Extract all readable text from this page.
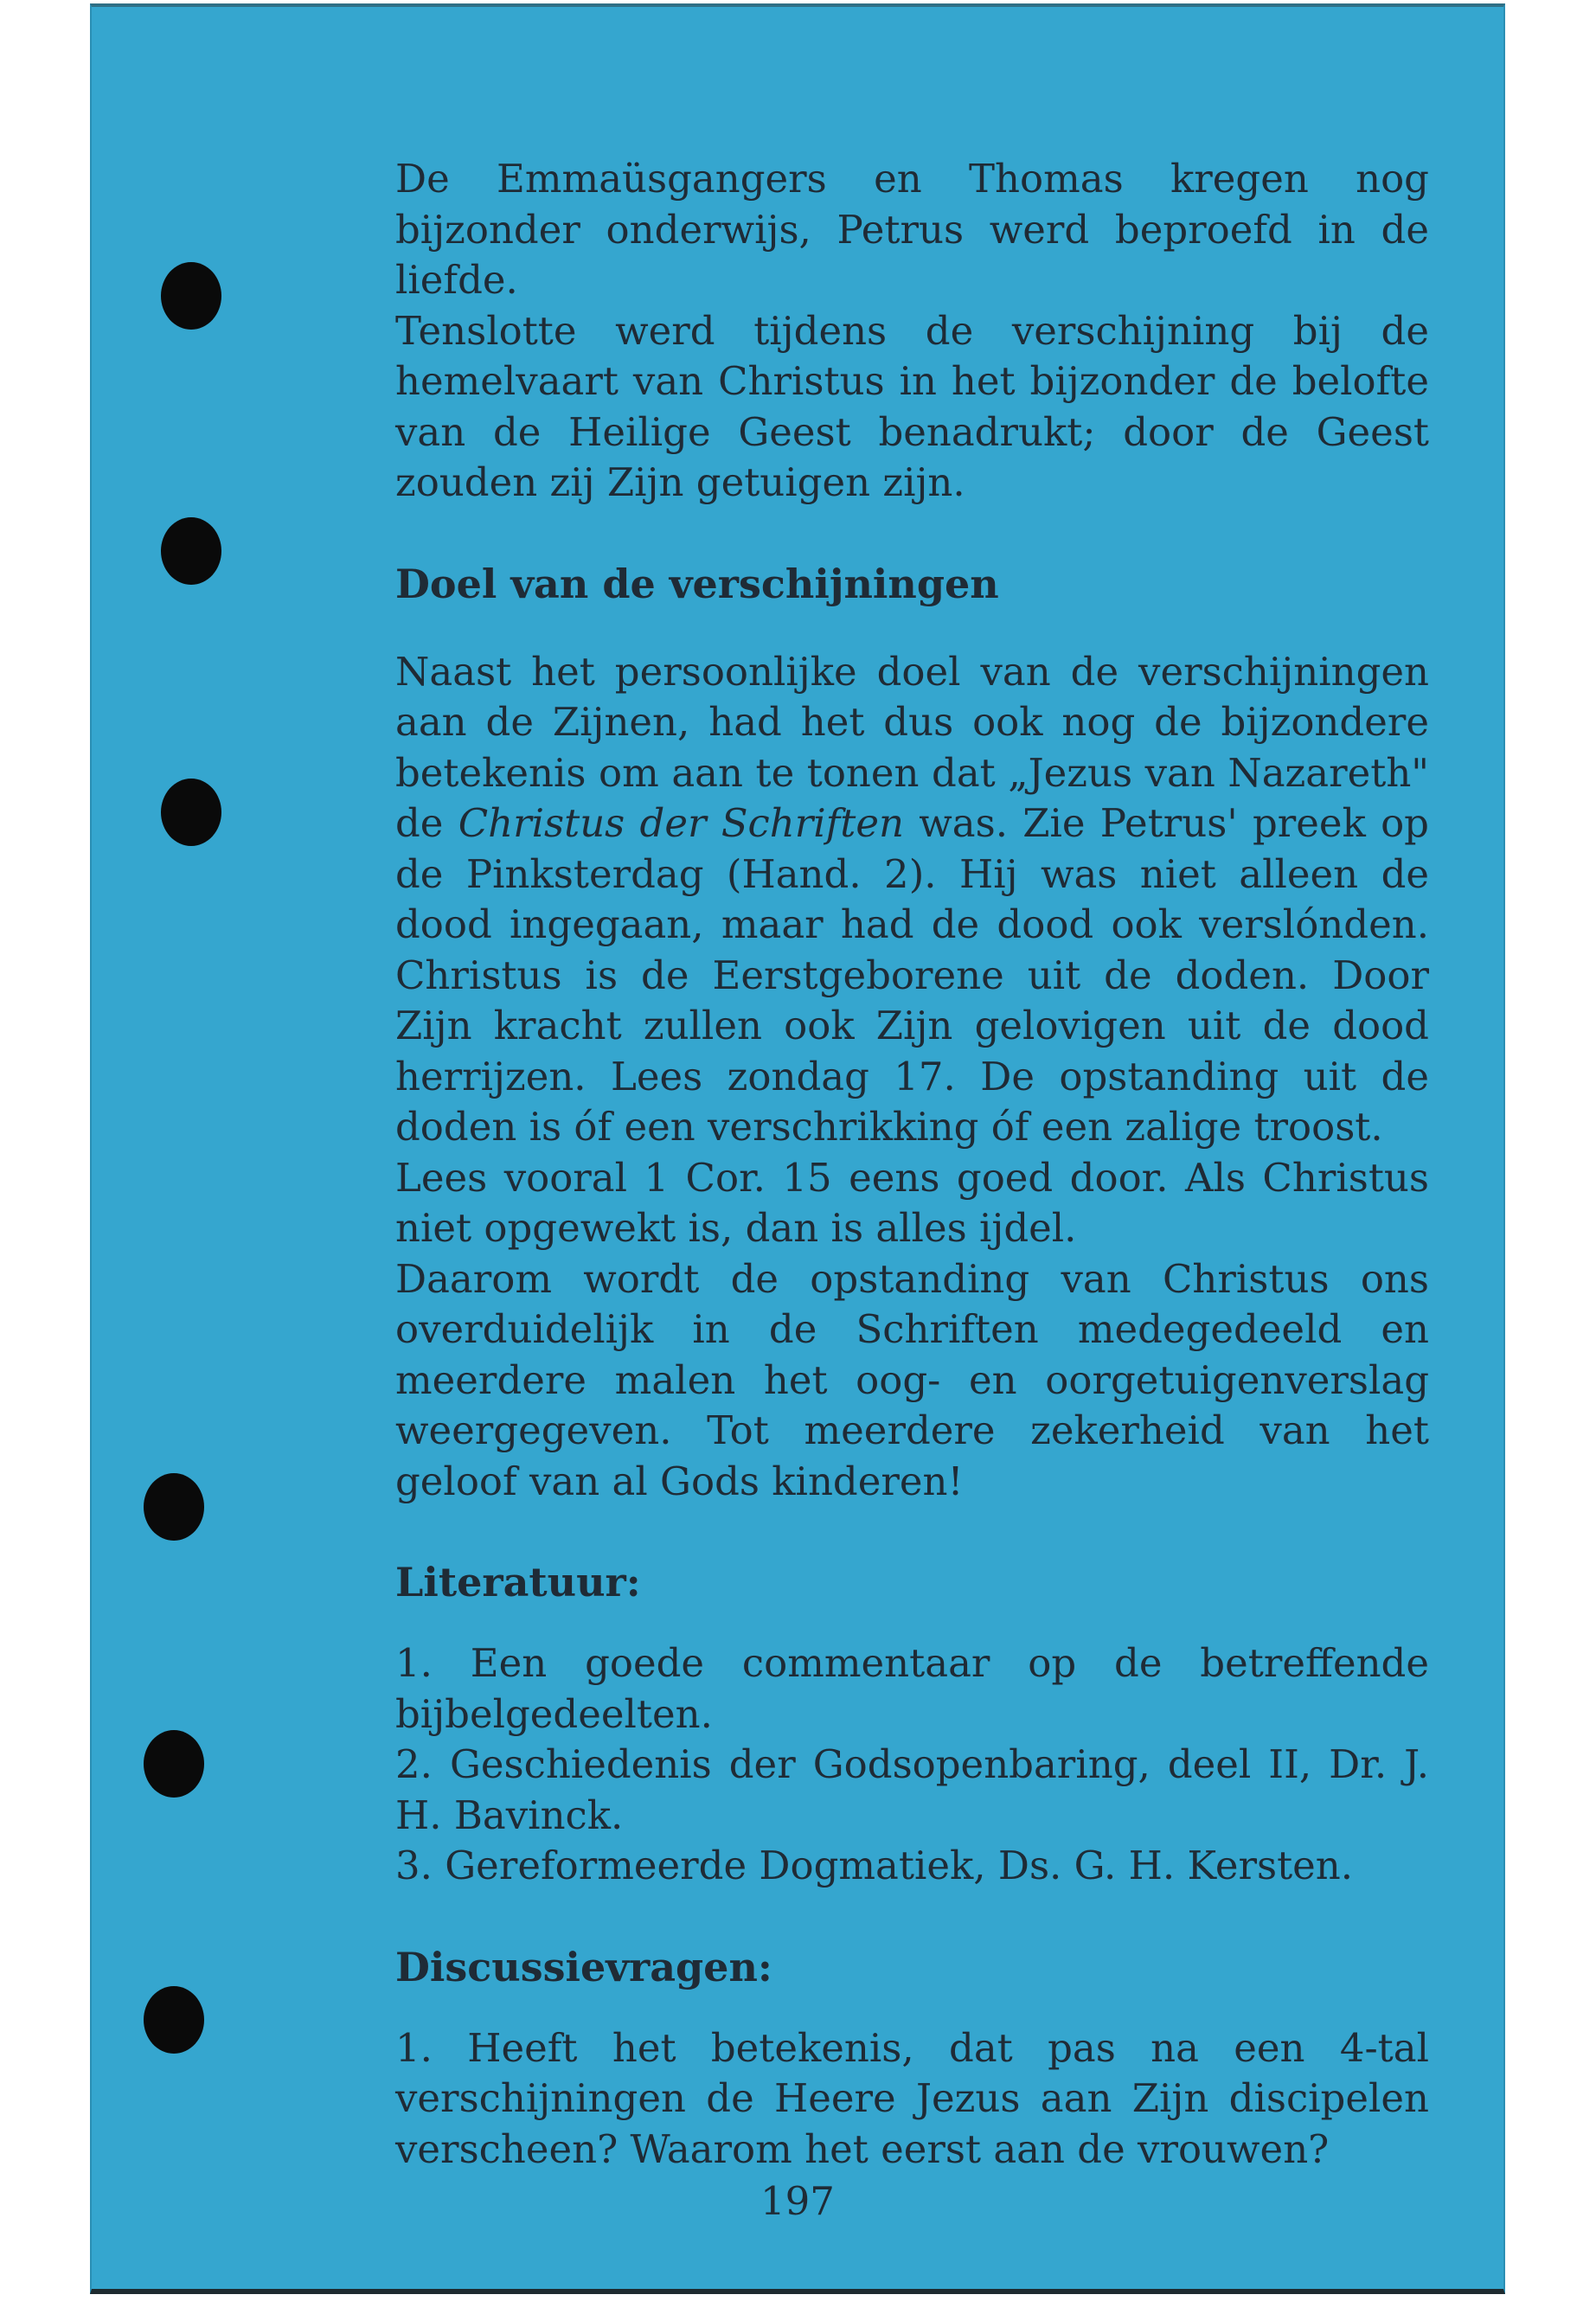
De Emmaüsgangers en Thomas kregen nog bijzonder onderwijs, Petrus werd beproefd in de liefde.

Tenslotte werd tijdens de verschijning bij de hemelvaart van Christus in het bijzonder de belofte van de Heilige Geest benadrukt; door de Geest zouden zij Zijn getuigen zijn.

Doel van de verschijningen

Naast het persoonlijke doel van de verschijningen aan de Zijnen, had het dus ook nog de bijzondere betekenis om aan te tonen dat „Jezus van Nazareth" de Christus der Schriften was. Zie Petrus' preek op de Pinksterdag (Hand. 2). Hij was niet alleen de dood ingegaan, maar had de dood ook verslónden. Christus is de Eerstgeborene uit de doden. Door Zijn kracht zullen ook Zijn gelovigen uit de dood herrijzen. Lees zondag 17. De opstanding uit de doden is óf een verschrikking óf een zalige troost.

Lees vooral 1 Cor. 15 eens goed door. Als Christus niet opgewekt is, dan is alles ijdel.

Daarom wordt de opstanding van Christus ons overduidelijk in de Schriften medegedeeld en meerdere malen het oog- en oorgetuigenverslag weergegeven. Tot meerdere zekerheid van het geloof van al Gods kinderen!

Literatuur:

1. Een goede commentaar op de betreffende bijbelgedeelten.

2. Geschiedenis der Godsopenbaring, deel II, Dr. J. H. Bavinck.

3. Gereformeerde Dogmatiek, Ds. G. H. Kersten.

Discussievragen:

1. Heeft het betekenis, dat pas na een 4-tal verschijningen de Heere Jezus aan Zijn discipelen verscheen? Waarom het eerst aan de vrouwen?

197
